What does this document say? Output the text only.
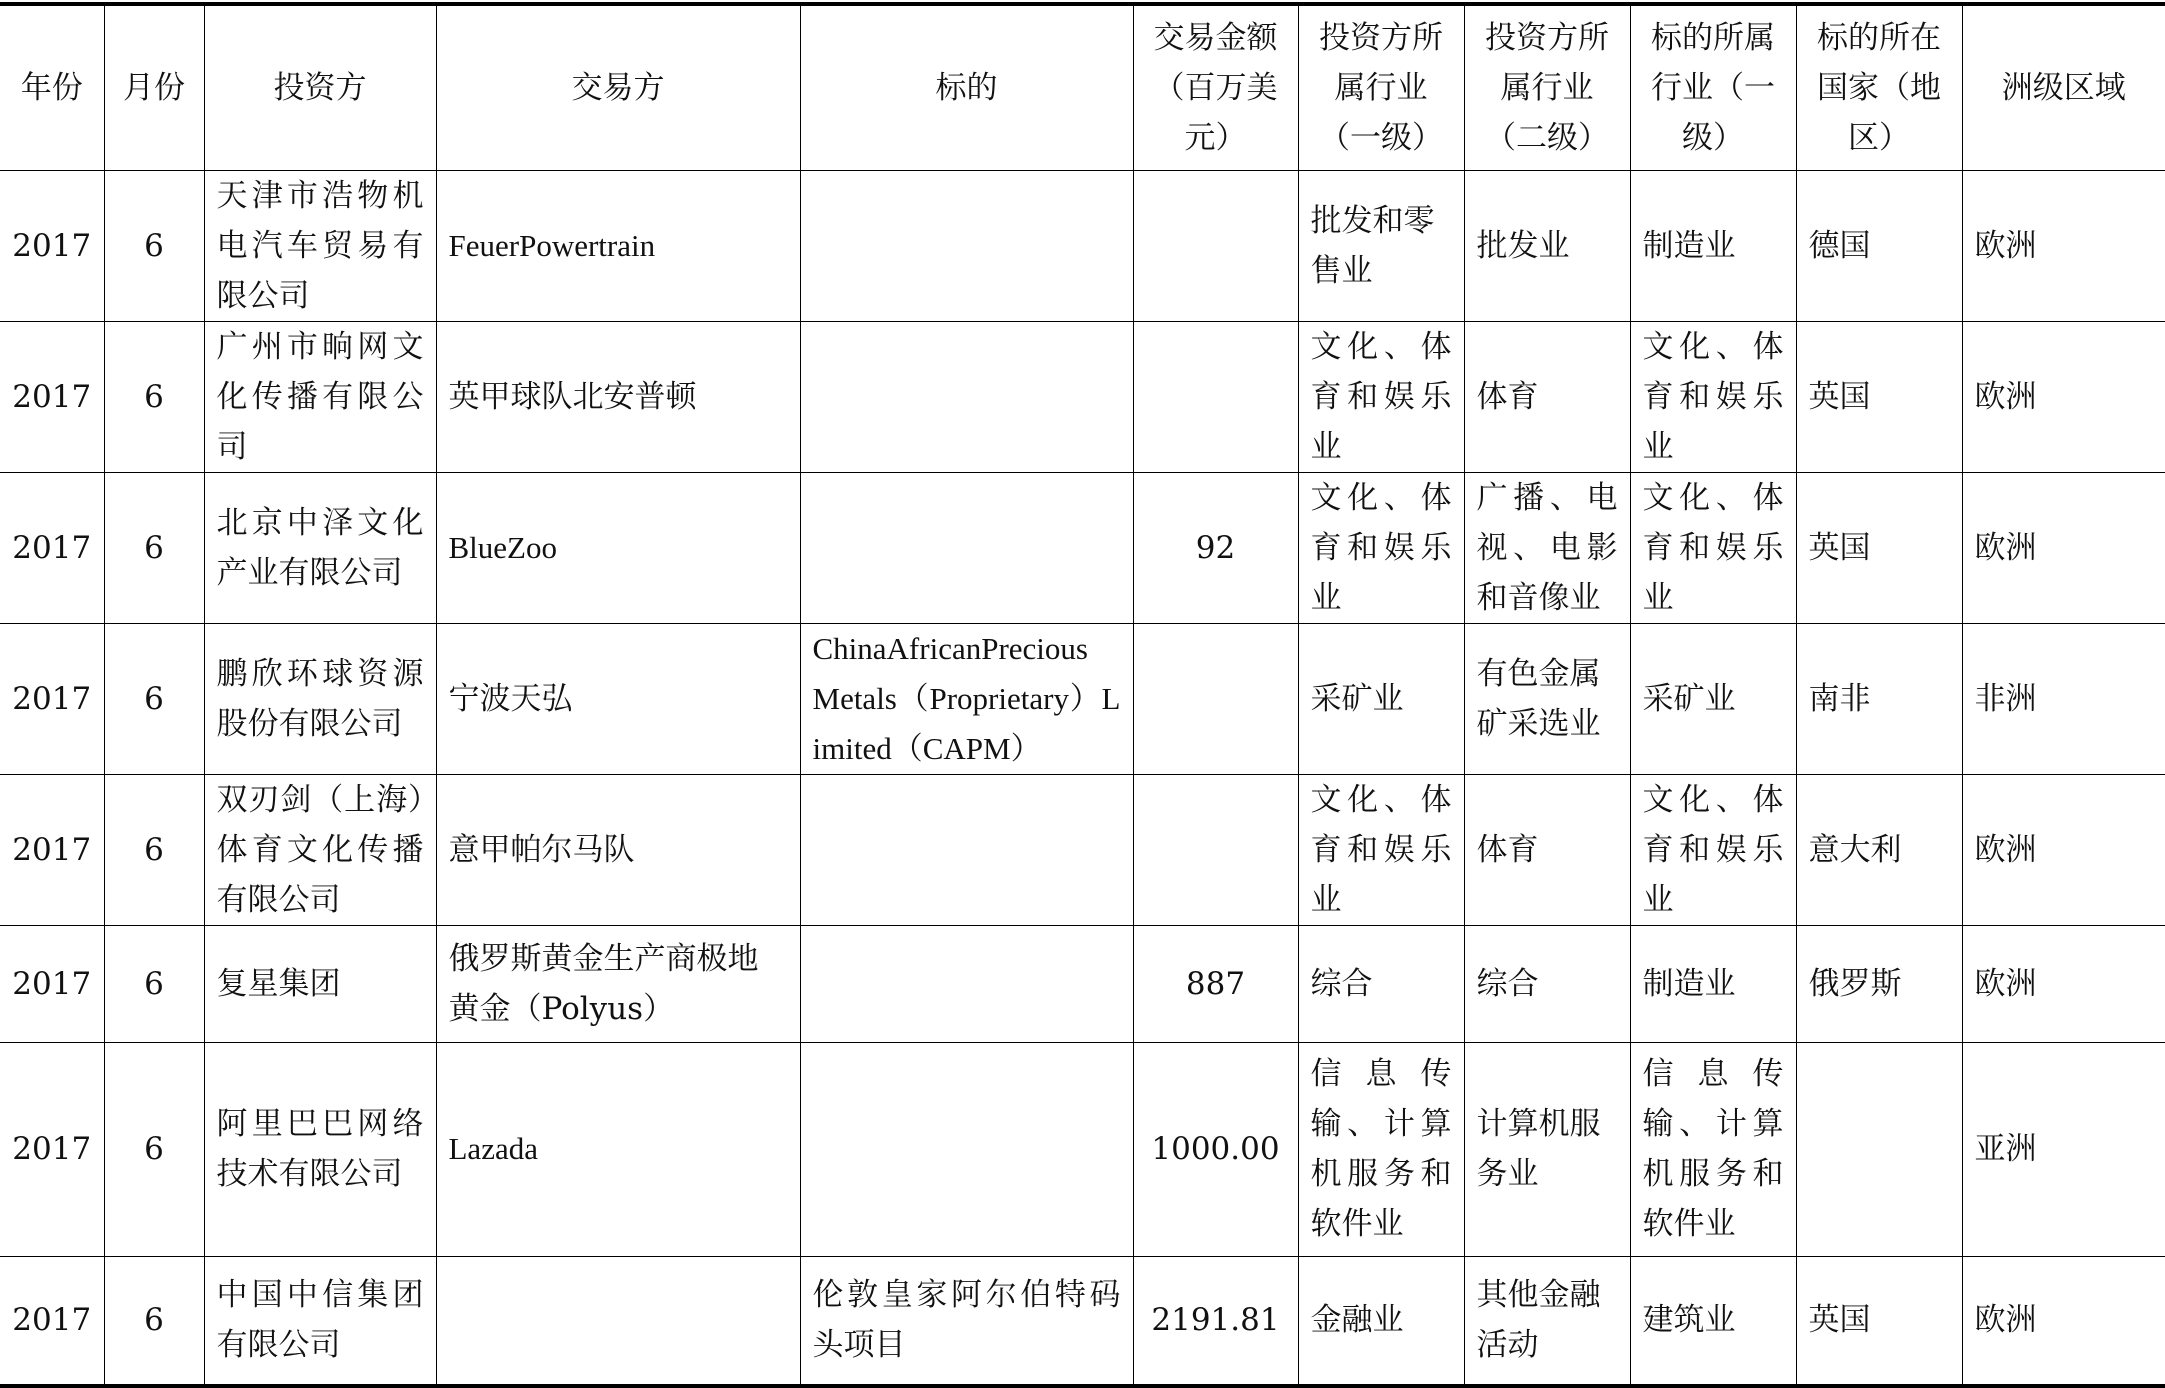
年份	月份	投资方	交易方	标的	交易金额（百万美元）	投资方所属行业（一级）	投资方所属行业（二级）	标的所属行业（一级）	标的所在国家（地区）	洲级区域
2017	6	天津市浩物机电汽车贸易有限公司	FeuerPowertrain			批发和零售业	批发业	制造业	德国	欧洲
2017	6	广州市晌网文化传播有限公司	英甲球队北安普顿			文化、体育和娱乐业	体育	文化、体育和娱乐业	英国	欧洲
2017	6	北京中泽文化产业有限公司	BlueZoo		92	文化、体育和娱乐业	广播、电视、电影和音像业	文化、体育和娱乐业	英国	欧洲
2017	6	鹏欣环球资源股份有限公司	宁波天弘	ChinaAfricanPrecious Metals（Proprietary）Limited（CAPM）		采矿业	有色金属矿采选业	采矿业	南非	非洲
2017	6	双刃剑（上海）体育文化传播有限公司	意甲帕尔马队			文化、体育和娱乐业	体育	文化、体育和娱乐业	意大利	欧洲
2017	6	复星集团	俄罗斯黄金生产商极地黄金（Polyus）		887	综合	综合	制造业	俄罗斯	欧洲
2017	6	阿里巴巴网络技术有限公司	Lazada		1000.00	信息传输、计算机服务和软件业	计算机服务业	信息传输、计算机服务和软件业		亚洲
2017	6	中国中信集团有限公司		伦敦皇家阿尔伯特码头项目	2191.81	金融业	其他金融活动	建筑业	英国	欧洲
